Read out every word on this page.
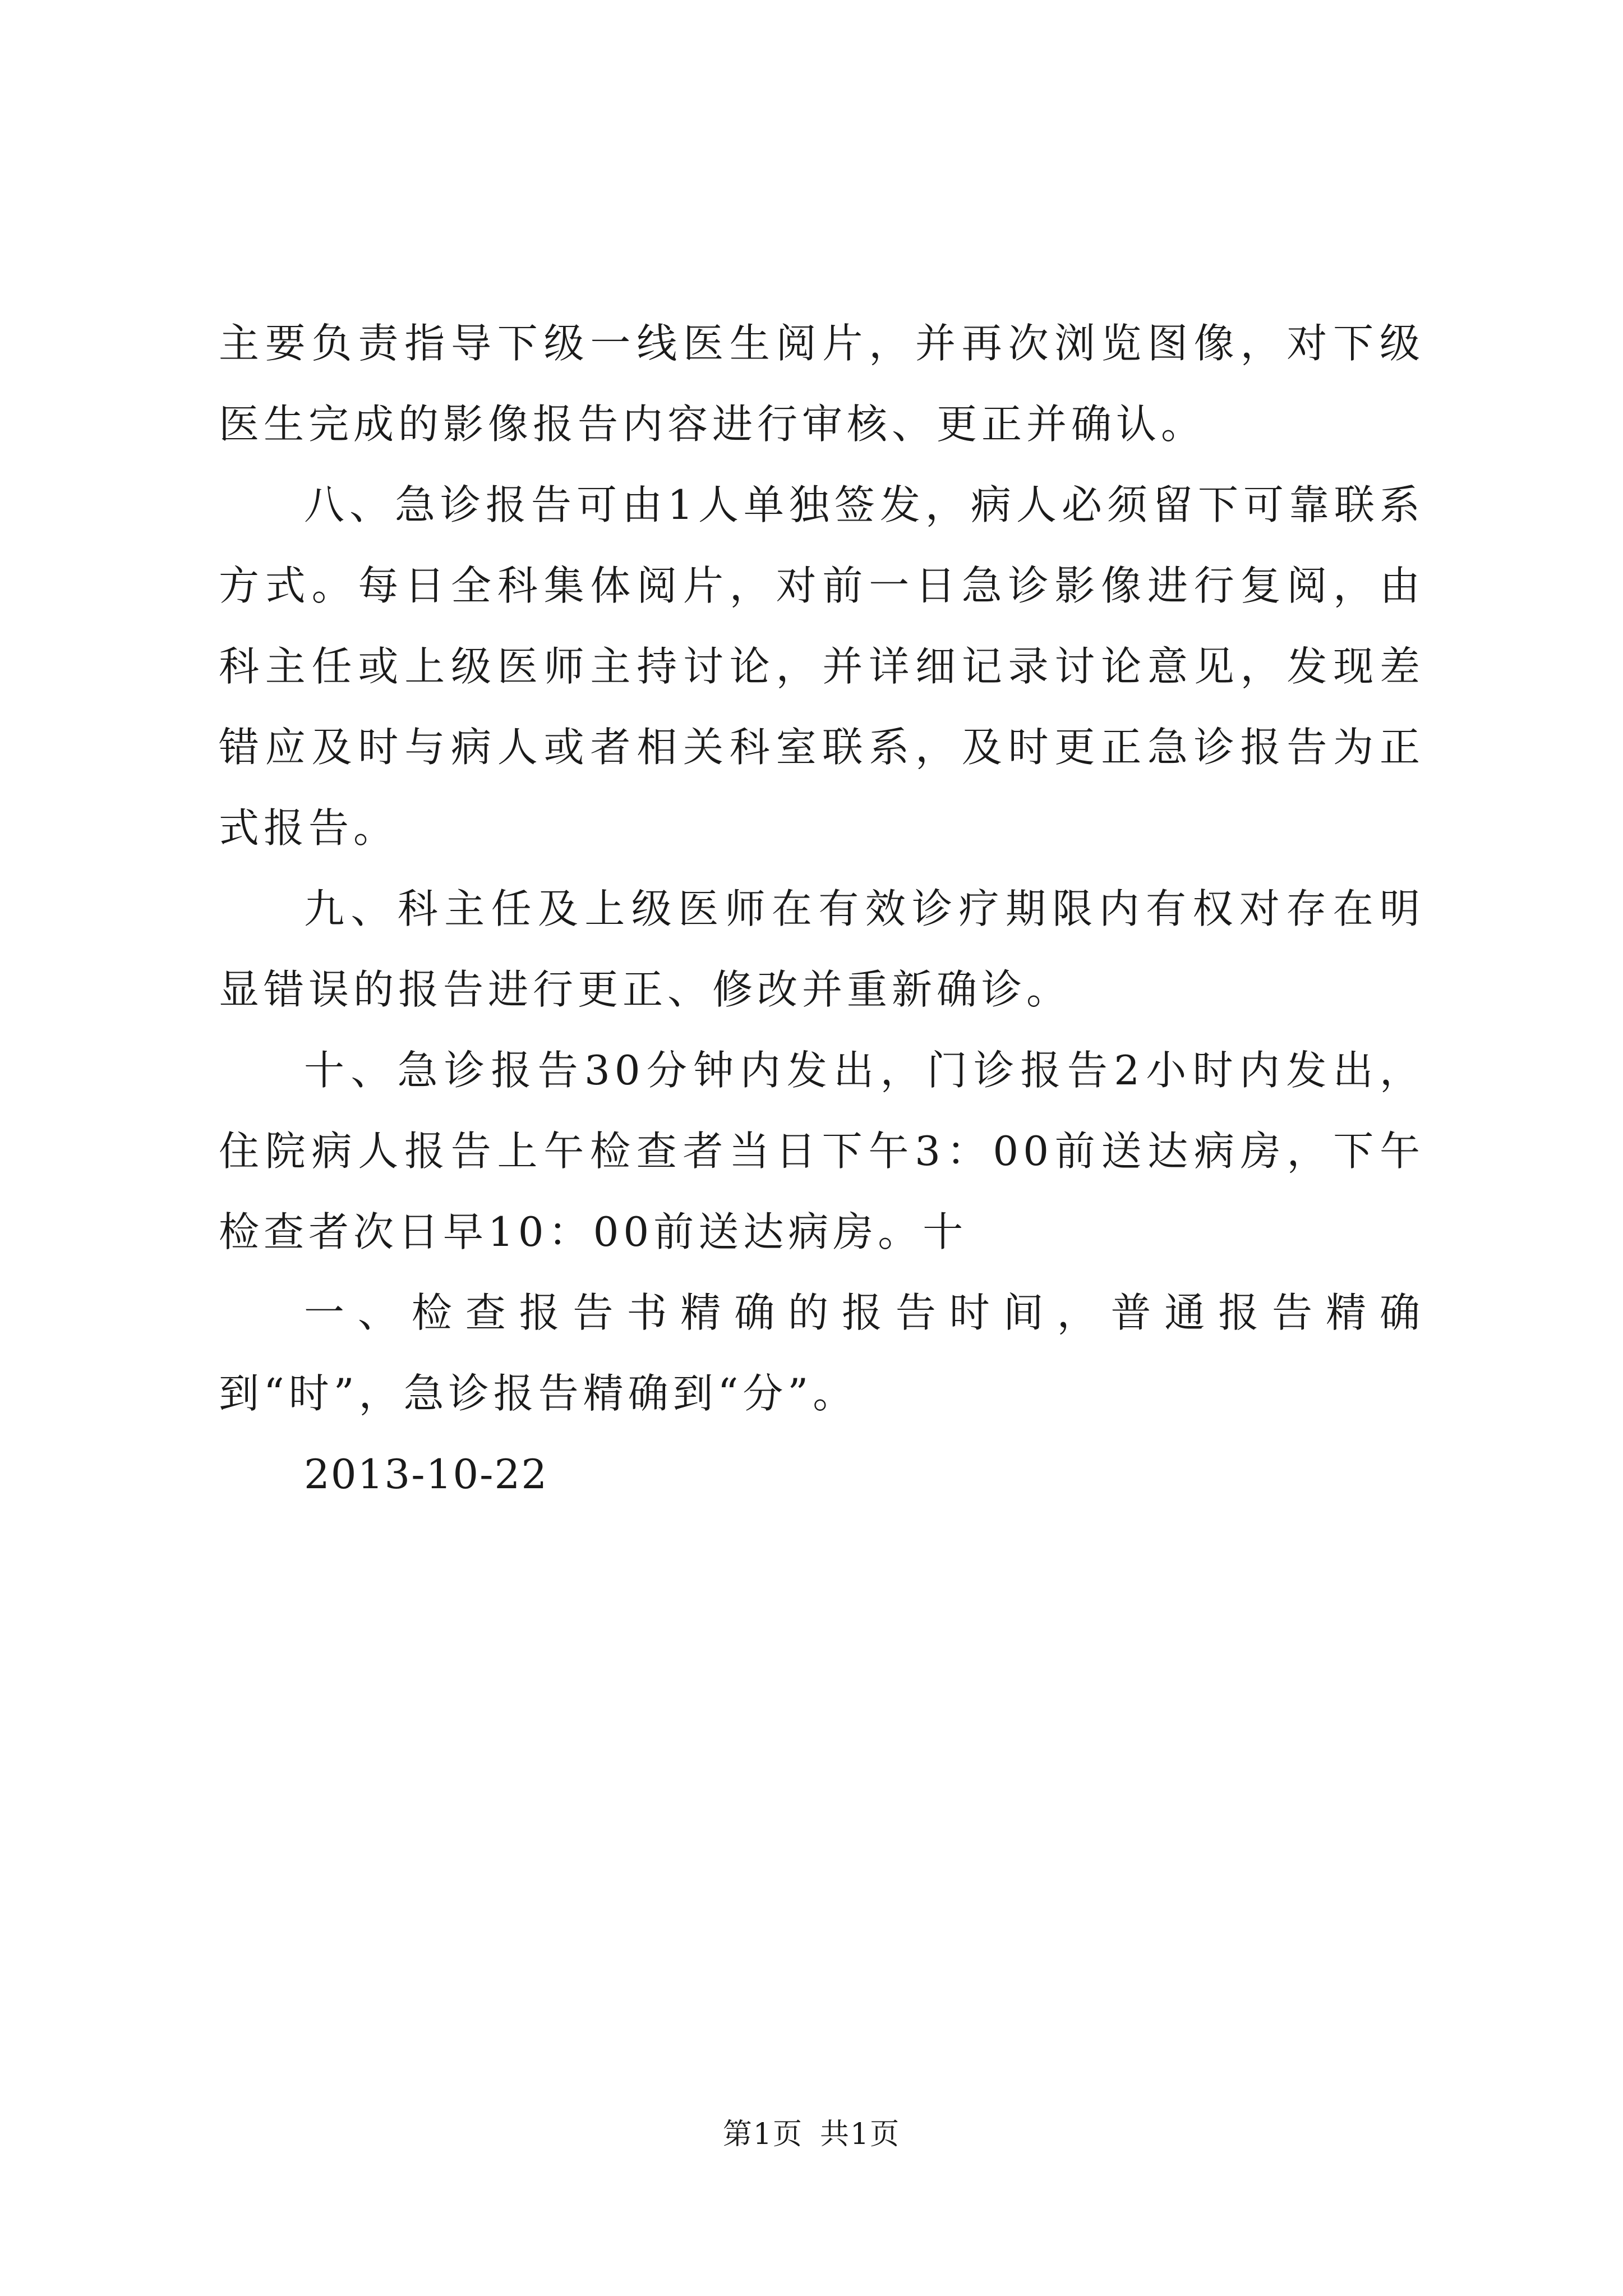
主要负责指导下级一线医生阅片，并再次浏览图像，对下级医生完成的影像报告内容进行审核、更正并确认。

八、急诊报告可由1人单独签发，病人必须留下可靠联系方式。每日全科集体阅片，对前一日急诊影像进行复阅，由科主任或上级医师主持讨论，并详细记录讨论意见，发现差错应及时与病人或者相关科室联系，及时更正急诊报告为正式报告。

九、科主任及上级医师在有效诊疗期限内有权对存在明显错误的报告进行更正、修改并重新确诊。

十、急诊报告30分钟内发出，门诊报告2小时内发出，住院病人报告上午检查者当日下午3：00前送达病房，下午检查者次日早10：00前送达病房。十

一、检查报告书精确的报告时间，普通报告精确到“时”，急诊报告精确到“分”。

2013-10-22

第1页 共1页
